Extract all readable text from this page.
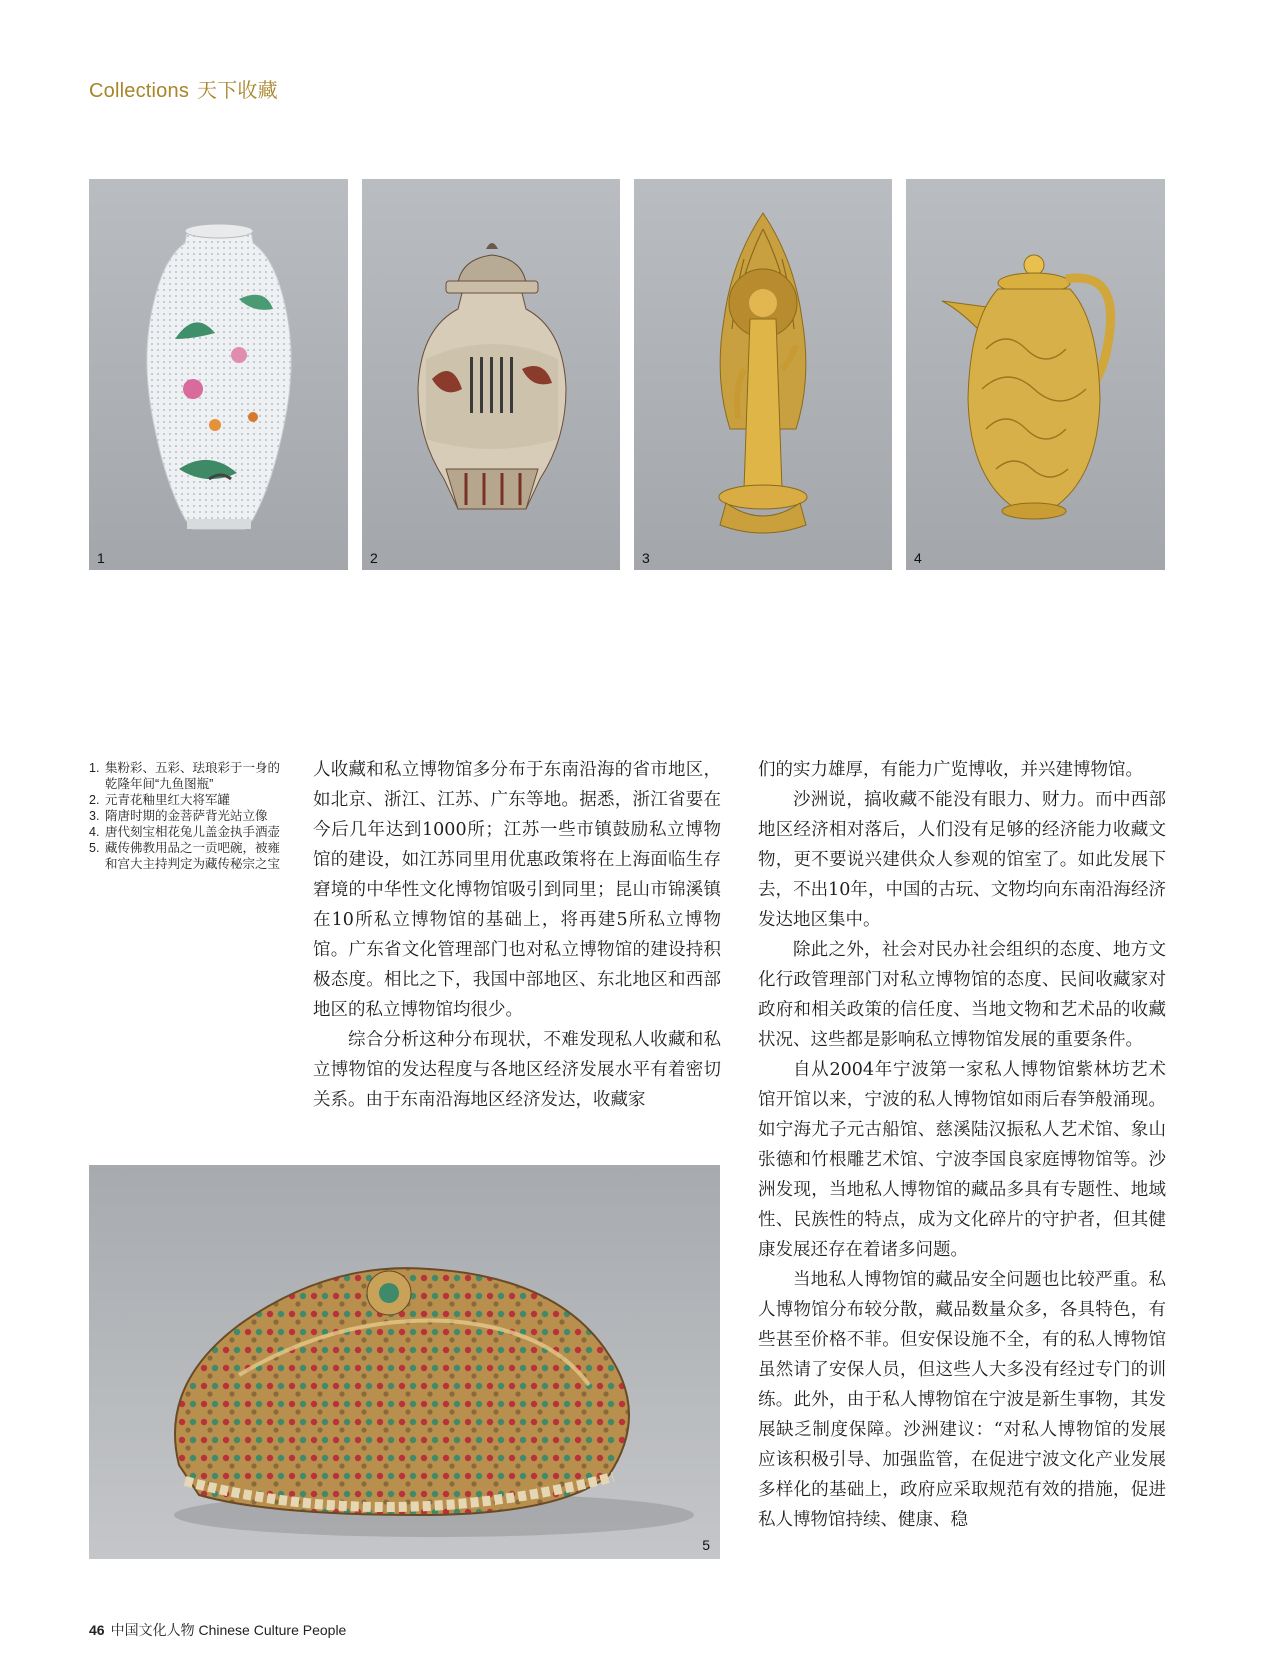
Collections 天下收藏
1	2	3	4
1. 集粉彩、五彩、珐琅彩于一身的乾隆年间“九鱼图瓶”
2. 元青花釉里红大将军罐
3. 隋唐时期的金菩萨背光站立像
4. 唐代刻宝相花兔儿盖金执手酒壶
5. 藏传佛教用品之一贡吧碗，被雍和宫大主持判定为藏传秘宗之宝

人收藏和私立博物馆多分布于东南沿海的省市地区，如北京、浙江、江苏、广东等地。据悉，浙江省要在今后几年达到1000所；江苏一些市镇鼓励私立博物馆的建设，如江苏同里用优惠政策将在上海面临生存窘境的中华性文化博物馆吸引到同里；昆山市锦溪镇在10所私立博物馆的基础上，将再建5所私立博物馆。广东省文化管理部门也对私立博物馆的建设持积极态度。相比之下，我国中部地区、东北地区和西部地区的私立博物馆均很少。

综合分析这种分布现状，不难发现私人收藏和私立博物馆的发达程度与各地区经济发展水平有着密切关系。由于东南沿海地区经济发达，收藏家

们的实力雄厚，有能力广览博收，并兴建博物馆。

沙洲说，搞收藏不能没有眼力、财力。而中西部地区经济相对落后，人们没有足够的经济能力收藏文物，更不要说兴建供众人参观的馆室了。如此发展下去，不出10年，中国的古玩、文物均向东南沿海经济发达地区集中。

除此之外，社会对民办社会组织的态度、地方文化行政管理部门对私立博物馆的态度、民间收藏家对政府和相关政策的信任度、当地文物和艺术品的收藏状况、这些都是影响私立博物馆发展的重要条件。

自从2004年宁波第一家私人博物馆紫林坊艺术馆开馆以来，宁波的私人博物馆如雨后春笋般涌现。如宁海尤子元古船馆、慈溪陆汉振私人艺术馆、象山张德和竹根雕艺术馆、宁波李国良家庭博物馆等。沙洲发现，当地私人博物馆的藏品多具有专题性、地域性、民族性的特点，成为文化碎片的守护者，但其健康发展还存在着诸多问题。

当地私人博物馆的藏品安全问题也比较严重。私人博物馆分布较分散，藏品数量众多，各具特色，有些甚至价格不菲。但安保设施不全，有的私人博物馆虽然请了安保人员，但这些人大多没有经过专门的训练。此外，由于私人博物馆在宁波是新生事物，其发展缺乏制度保障。沙洲建议：“对私人博物馆的发展应该积极引导、加强监管，在促进宁波文化产业发展多样化的基础上，政府应采取规范有效的措施，促进私人博物馆持续、健康、稳

5
46 中国文化人物 Chinese Culture People
